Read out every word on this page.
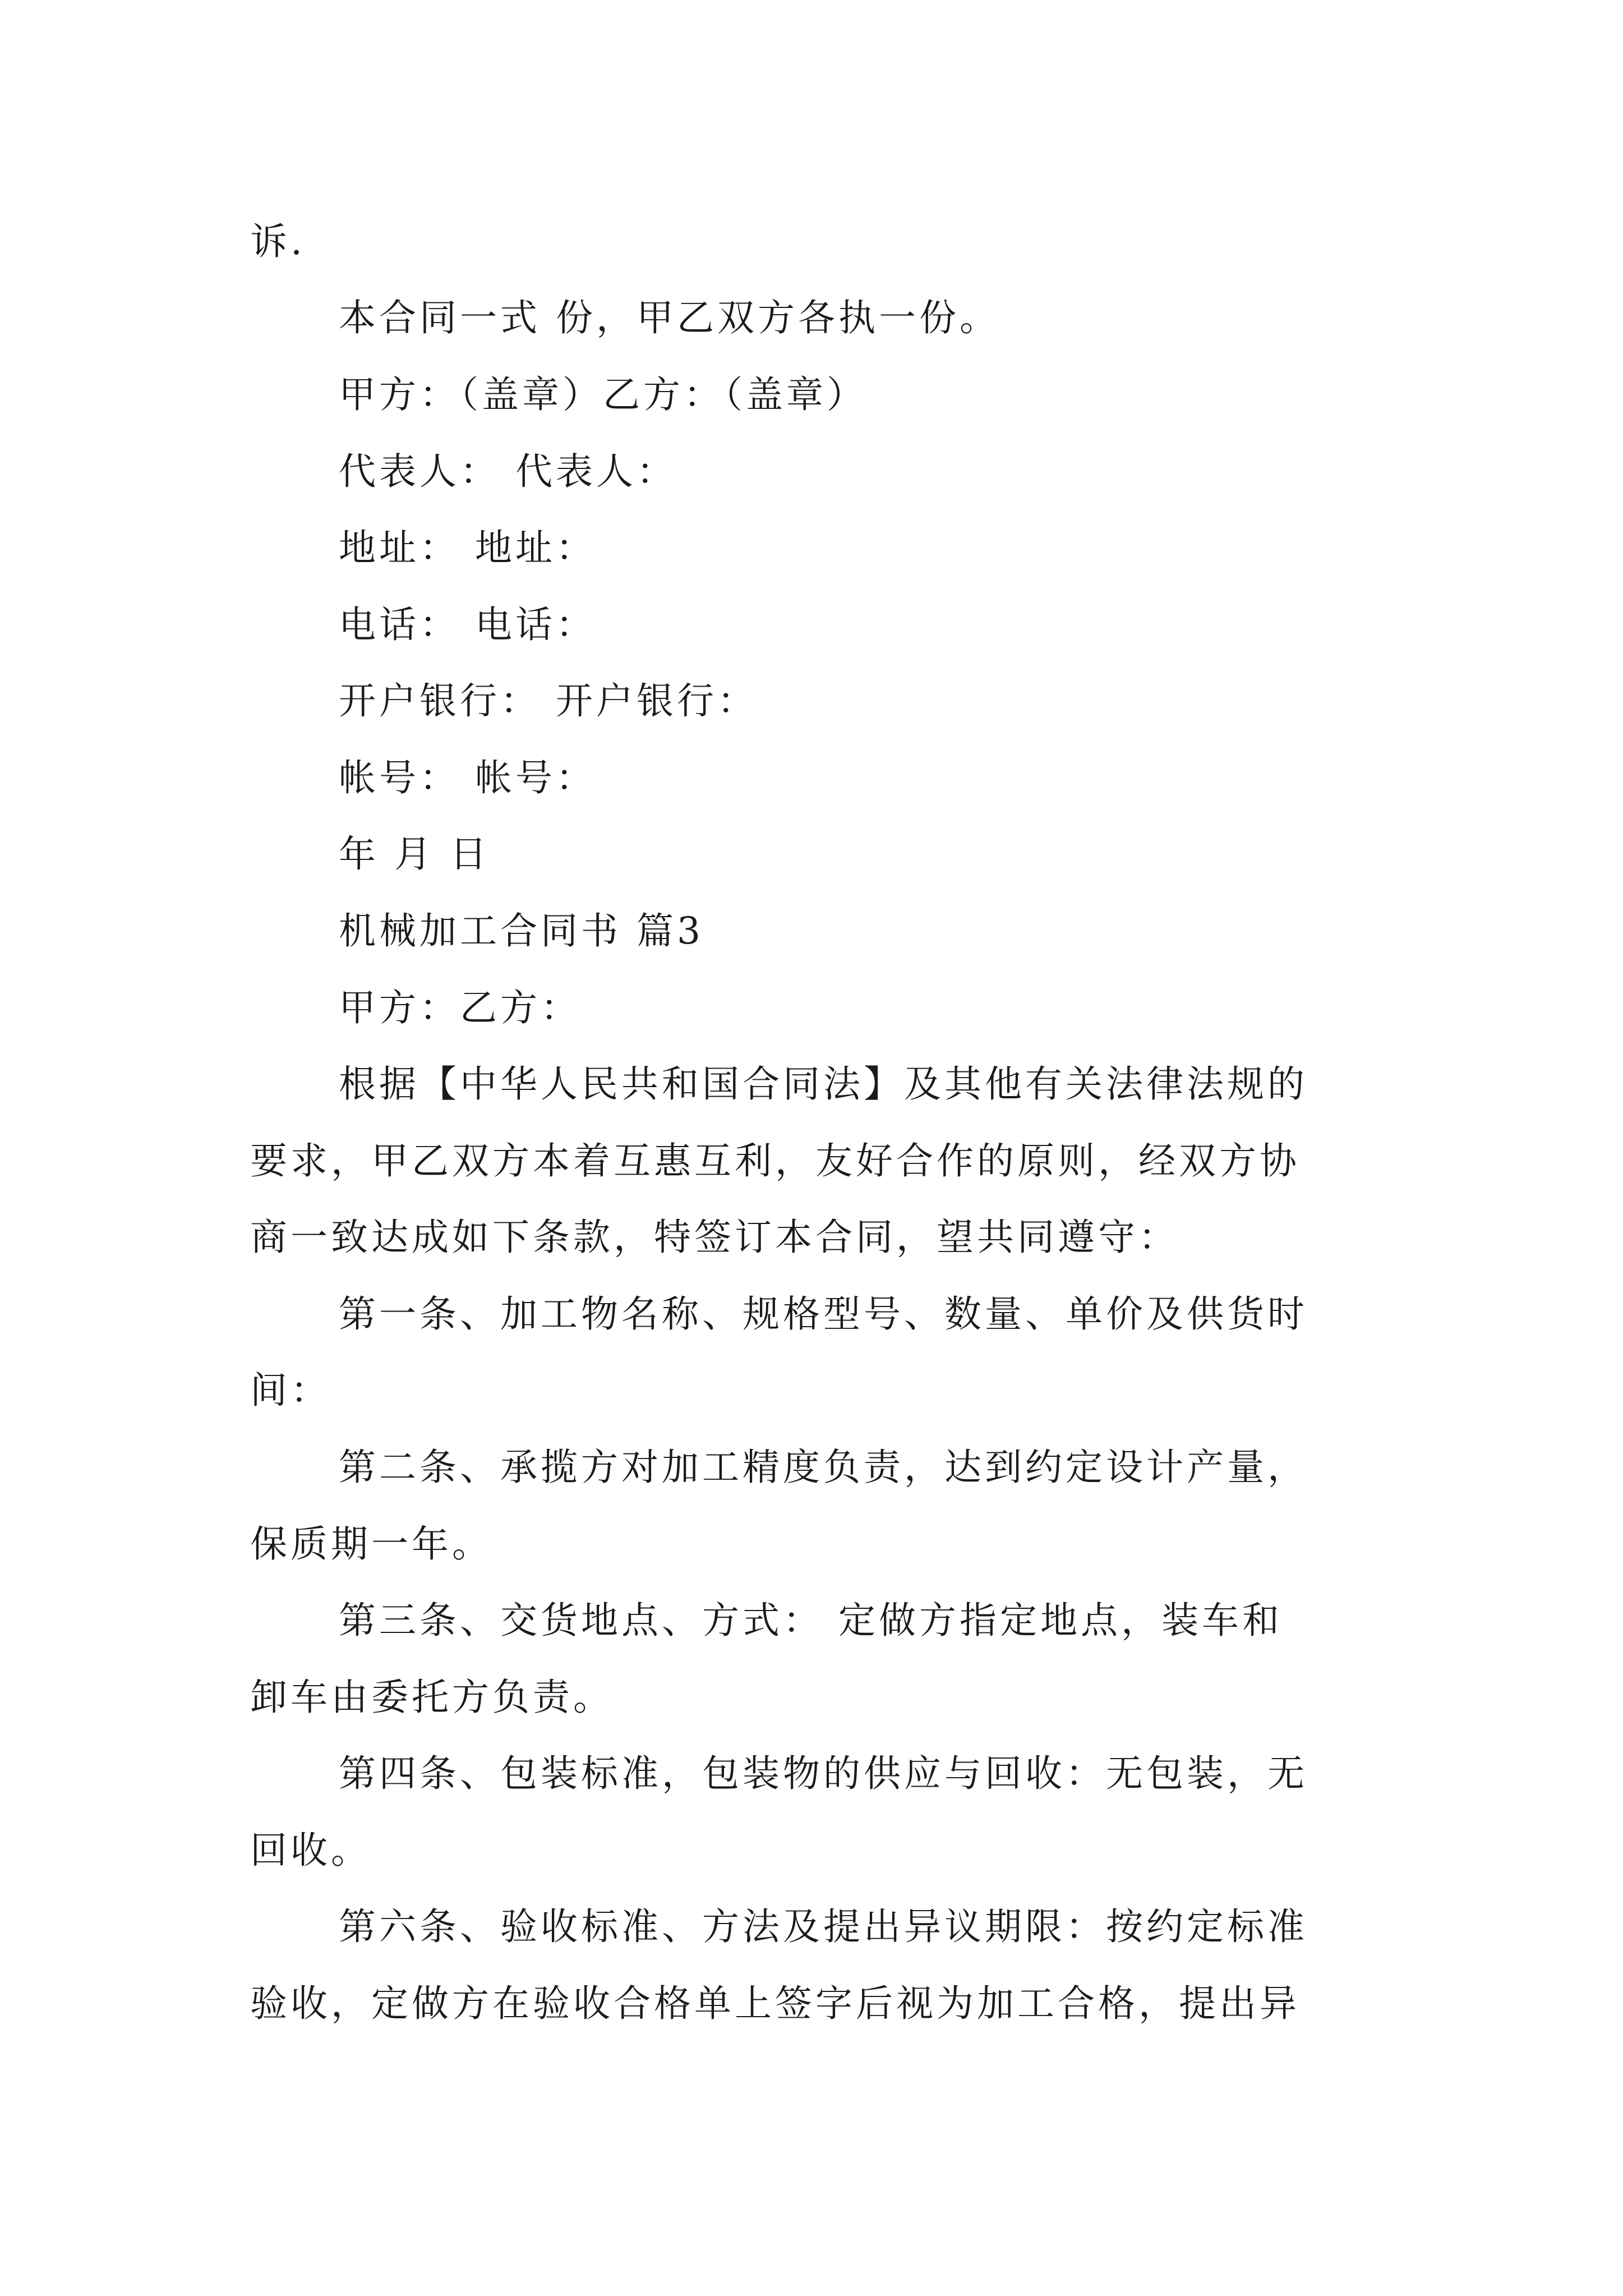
诉.
本合同一式 份，甲乙双方各执一份。
甲方：（盖章）乙方：（盖章）
代表人： 代表人：
地址： 地址：
电话： 电话：
开户银行： 开户银行：
帐号： 帐号：
年 月 日
机械加工合同书 篇3
甲方：乙方：
根据【中华人民共和国合同法】及其他有关法律法规的
要求，甲乙双方本着互惠互利，友好合作的原则，经双方协
商一致达成如下条款，特签订本合同，望共同遵守：
第一条、加工物名称、规格型号、数量、单价及供货时
间：
第二条、承揽方对加工精度负责，达到约定设计产量，
保质期一年。
第三条、交货地点、方式： 定做方指定地点，装车和
卸车由委托方负责。
第四条、包装标准，包装物的供应与回收：无包装，无
回收。
第六条、验收标准、方法及提出异议期限：按约定标准
验收，定做方在验收合格单上签字后视为加工合格，提出异
